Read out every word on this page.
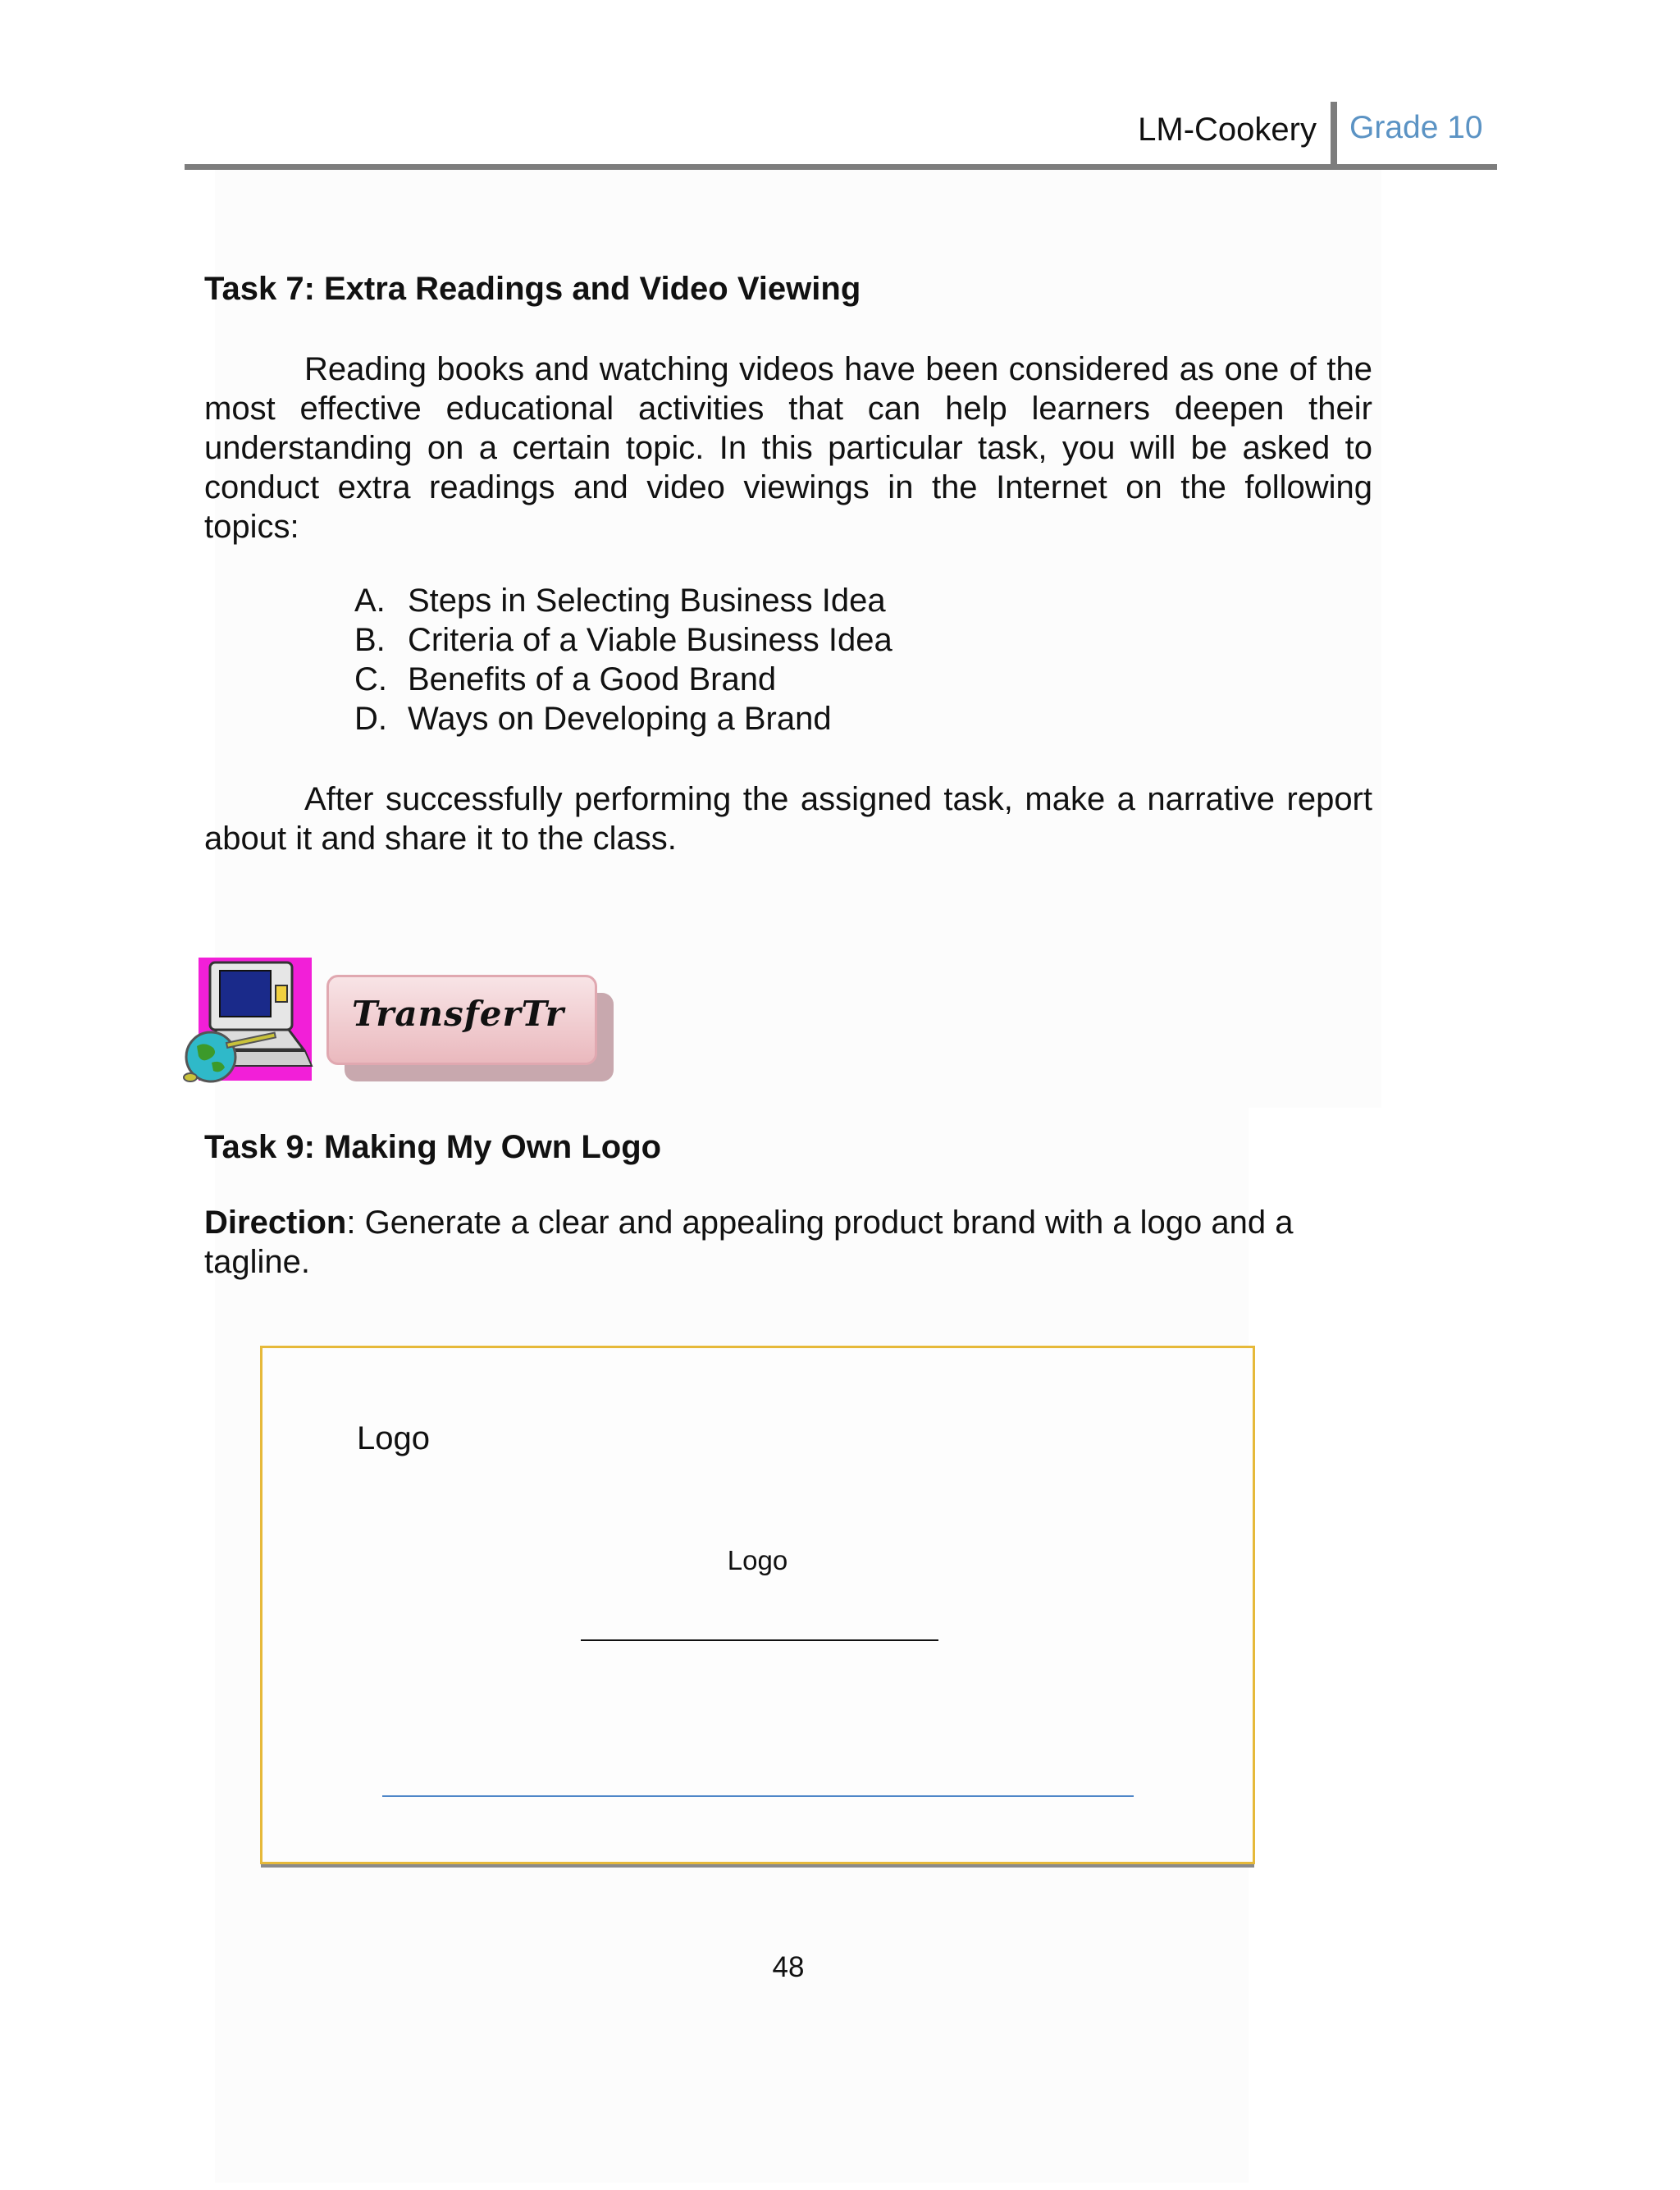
LM-Cookery Grade 10
Task 7: Extra Readings and Video Viewing
Reading books and watching videos have been considered as one of the most effective educational activities that can help learners deepen their understanding on a certain topic. In this particular task, you will be asked to conduct extra readings and video viewings in the Internet on the following topics:
A. Steps in Selecting Business Idea
B. Criteria of a Viable Business Idea
C. Benefits of a Good Brand
D. Ways on Developing a Brand
After successfully performing the assigned task, make a narrative report about it and share it to the class.
TransferTr
Task 9: Making My Own Logo
Direction: Generate a clear and appealing product brand with a logo and a tagline.
Logo
Logo
48
